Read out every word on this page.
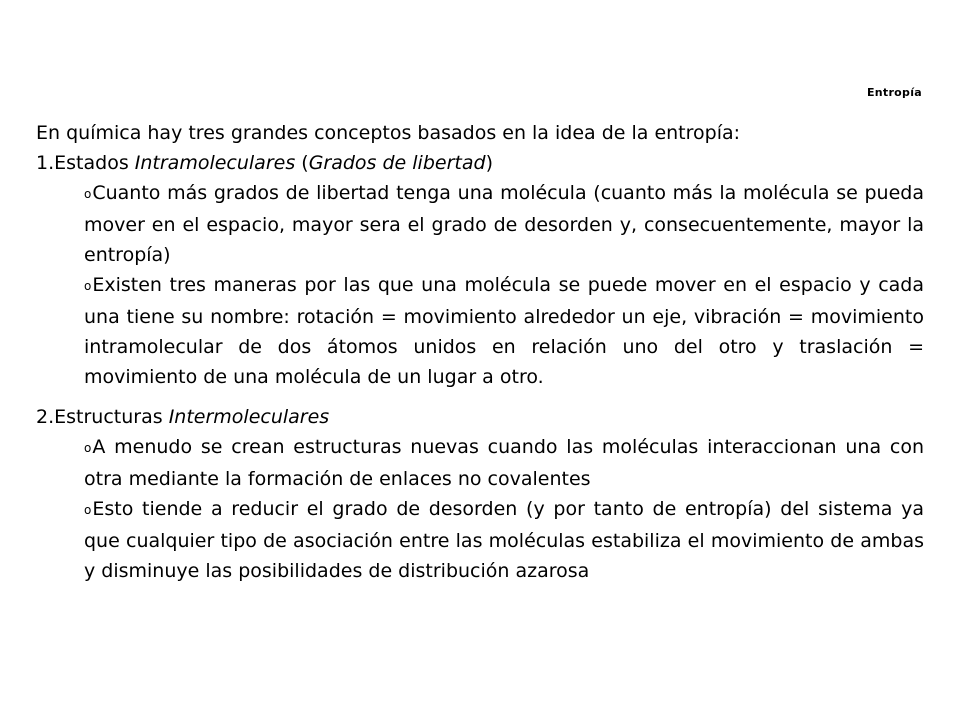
Entropía
En química hay tres grandes conceptos basados en la idea de la entropía:
1.Estados Intramoleculares (Grados de libertad)
oCuanto más grados de libertad tenga una molécula (cuanto más la molécula se pueda mover en el espacio, mayor sera el grado de desorden y, consecuentemente, mayor la entropía)
oExisten tres maneras por las que una molécula se puede mover en el espacio y cada una tiene su nombre: rotación = movimiento alrededor un eje, vibración = movimiento intramolecular de dos átomos unidos en relación uno del otro y traslación = movimiento de una molécula de un lugar a otro.
2.Estructuras Intermoleculares
oA menudo se crean estructuras nuevas cuando las moléculas interaccionan una con otra mediante la formación de enlaces no covalentes
oEsto tiende a reducir el grado de desorden (y por tanto de entropía) del sistema ya que cualquier tipo de asociación entre las moléculas estabiliza el movimiento de ambas y disminuye las posibilidades de distribución azarosa
